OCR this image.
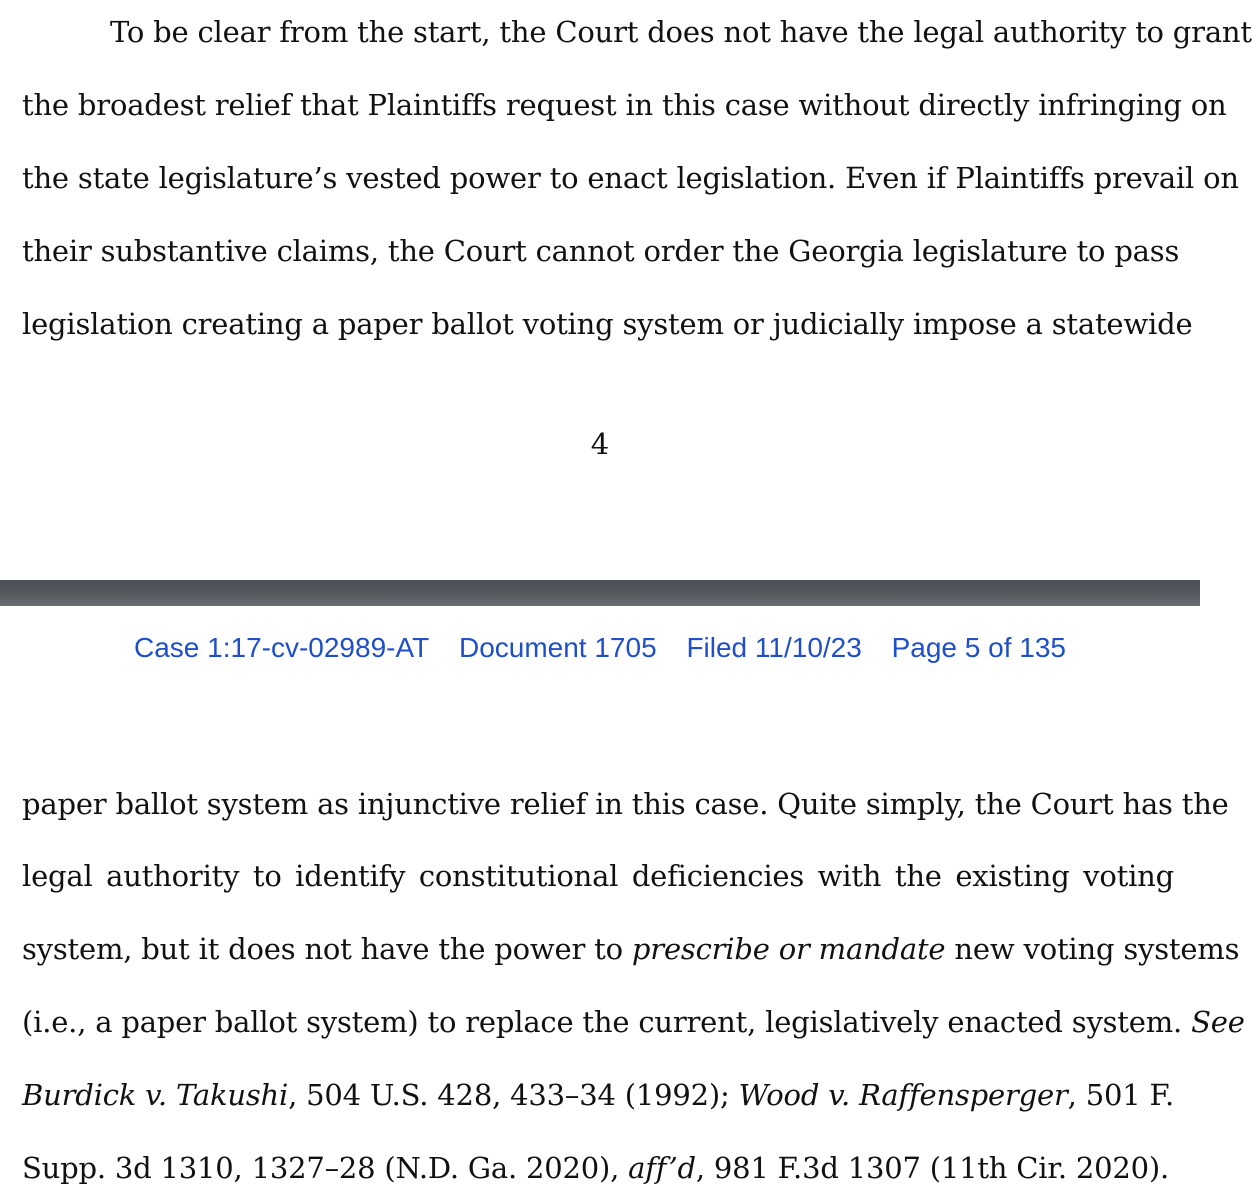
To be clear from the start, the Court does not have the legal authority to grant
the broadest relief that Plaintiffs request in this case without directly infringing on
the state legislature’s vested power to enact legislation. Even if Plaintiffs prevail on
their substantive claims, the Court cannot order the Georgia legislature to pass
legislation creating a paper ballot voting system or judicially impose a statewide
4
Case 1:17-cv-02989-AT Document 1705 Filed 11/10/23 Page 5 of 135
paper ballot system as injunctive relief in this case. Quite simply, the Court has the
legal authority to identify constitutional deficiencies with the existing voting
system, but it does not have the power to prescribe or mandate new voting systems
(i.e., a paper ballot system) to replace the current, legislatively enacted system. See
Burdick v. Takushi, 504 U.S. 428, 433–34 (1992); Wood v. Raffensperger, 501 F.
Supp. 3d 1310, 1327–28 (N.D. Ga. 2020), aff’d, 981 F.3d 1307 (11th Cir. 2020).
